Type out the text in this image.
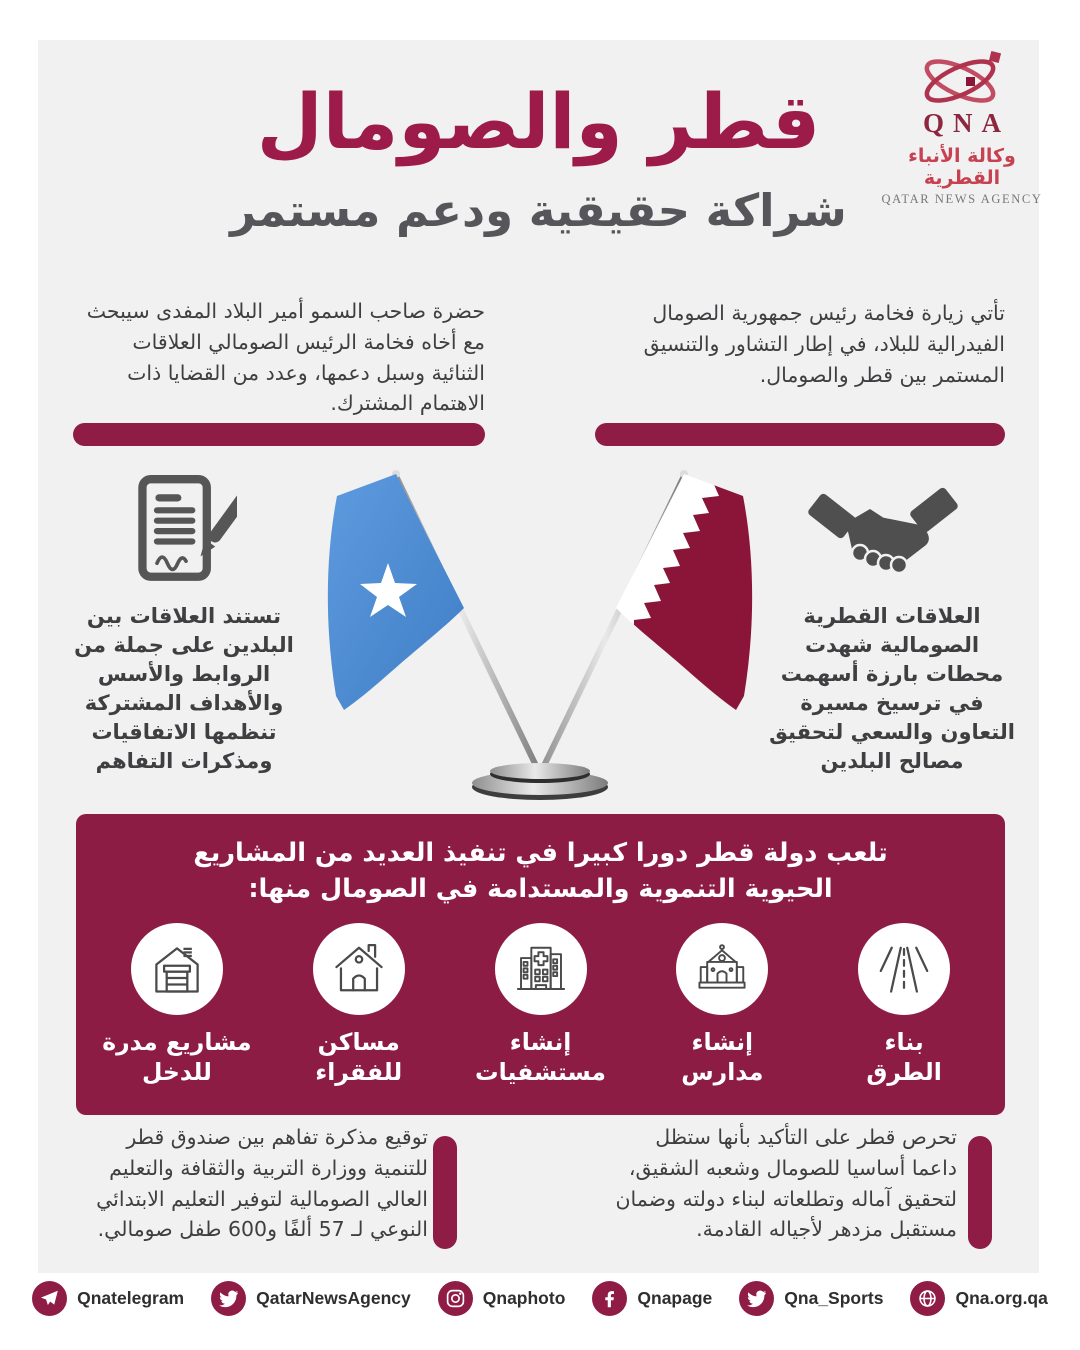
QNA
وكالة الأنباء القطرية
QATAR NEWS AGENCY
قطر والصومال
شراكة حقيقية ودعم مستمر
حضرة صاحب السمو أمير البلاد المفدى سيبحث مع أخاه فخامة الرئيس الصومالي العلاقات الثنائية وسبل دعمها، وعدد من القضايا ذات الاهتمام المشترك.
تأتي زيارة فخامة رئيس جمهورية الصومال الفيدرالية للبلاد، في إطار التشاور والتنسيق المستمر بين قطر والصومال.
تستند العلاقات بين البلدين على جملة من الروابط والأسس والأهداف المشتركة تنظمها الاتفاقيات ومذكرات التفاهم
العلاقات القطرية الصومالية شهدت محطات بارزة أسهمت في ترسيخ مسيرة التعاون والسعي لتحقيق مصالح البلدين
تلعب دولة قطر دورا كبيرا في تنفيذ العديد من المشاريع الحيوية التنموية والمستدامة في الصومال منها:
بناء
الطرق
إنشاء
مدارس
إنشاء
مستشفيات
مساكن
للفقراء
مشاريع مدرة
للدخل
توقيع مذكرة تفاهم بين صندوق قطر للتنمية ووزارة التربية والثقافة والتعليم العالي الصومالية لتوفير التعليم الابتدائي النوعي لـ 57 ألفًا و600 طفل صومالي.
تحرص قطر على التأكيد بأنها ستظل داعما أساسيا للصومال وشعبه الشقيق، لتحقيق آماله وتطلعاته لبناء دولته وضمان مستقبل مزدهر لأجياله القادمة.
Qnatelegram	QatarNewsAgency	Qnaphoto	Qnapage	Qna_Sports	Qna.org.qa
